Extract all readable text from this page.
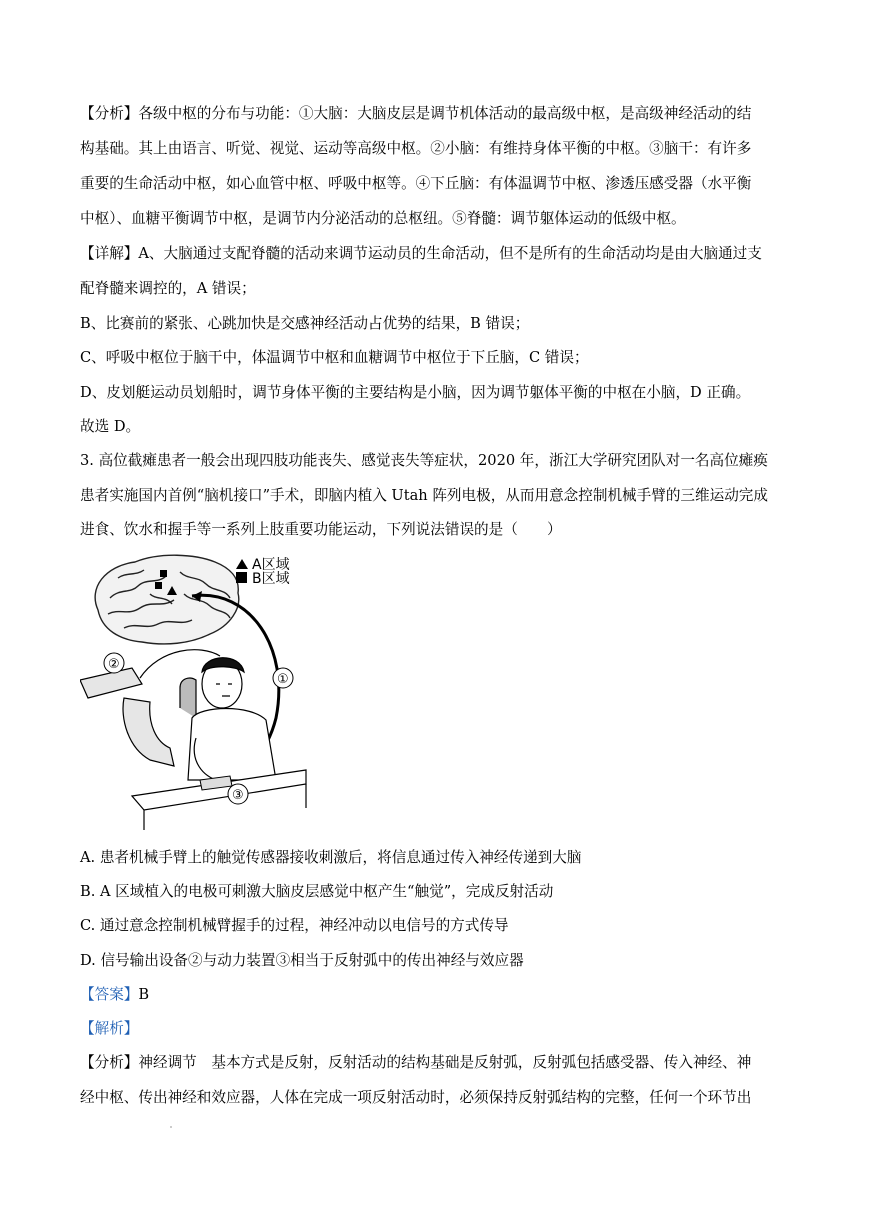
【分析】各级中枢的分布与功能：①大脑：大脑皮层是调节机体活动的最高级中枢，是高级神经活动的结
构基础。其上由语言、听觉、视觉、运动等高级中枢。②小脑：有维持身体平衡的中枢。③脑干：有许多
重要的生命活动中枢，如心血管中枢、呼吸中枢等。④下丘脑：有体温调节中枢、渗透压感受器（水平衡
中枢）、血糖平衡调节中枢，是调节内分泌活动的总枢纽。⑤脊髓：调节躯体运动的低级中枢。
【详解】A、大脑通过支配脊髓的活动来调节运动员的生命活动，但不是所有的生命活动均是由大脑通过支
配脊髓来调控的，A 错误；
B、比赛前的紧张、心跳加快是交感神经活动占优势的结果，B 错误；
C、呼吸中枢位于脑干中，体温调节中枢和血糖调节中枢位于下丘脑，C 错误；
D、皮划艇运动员划船时，调节身体平衡的主要结构是小脑，因为调节躯体平衡的中枢在小脑，D 正确。
故选 D。
3. 高位截瘫患者一般会出现四肢功能丧失、感觉丧失等症状，2020 年，浙江大学研究团队对一名高位瘫痪
患者实施国内首例“脑机接口”手术，即脑内植入 Utah 阵列电极，从而用意念控制机械手臂的三维运动完成
进食、饮水和握手等一系列上肢重要功能运动，下列说法错误的是（　　）
A区域
B区域
①
②
③
A. 患者机械手臂上的触觉传感器接收刺激后，将信息通过传入神经传递到大脑
B. A 区域植入的电极可刺激大脑皮层感觉中枢产生“触觉”，完成反射活动
C. 通过意念控制机械臂握手的过程，神经冲动以电信号的方式传导
D. 信号输出设备②与动力装置③相当于反射弧中的传出神经与效应器
【答案】B
【解析】
【分析】神经调节　基本方式是反射，反射活动的结构基础是反射弧，反射弧包括感受器、传入神经、神
经中枢、传出神经和效应器，人体在完成一项反射活动时，必须保持反射弧结构的完整，任何一个环节出
